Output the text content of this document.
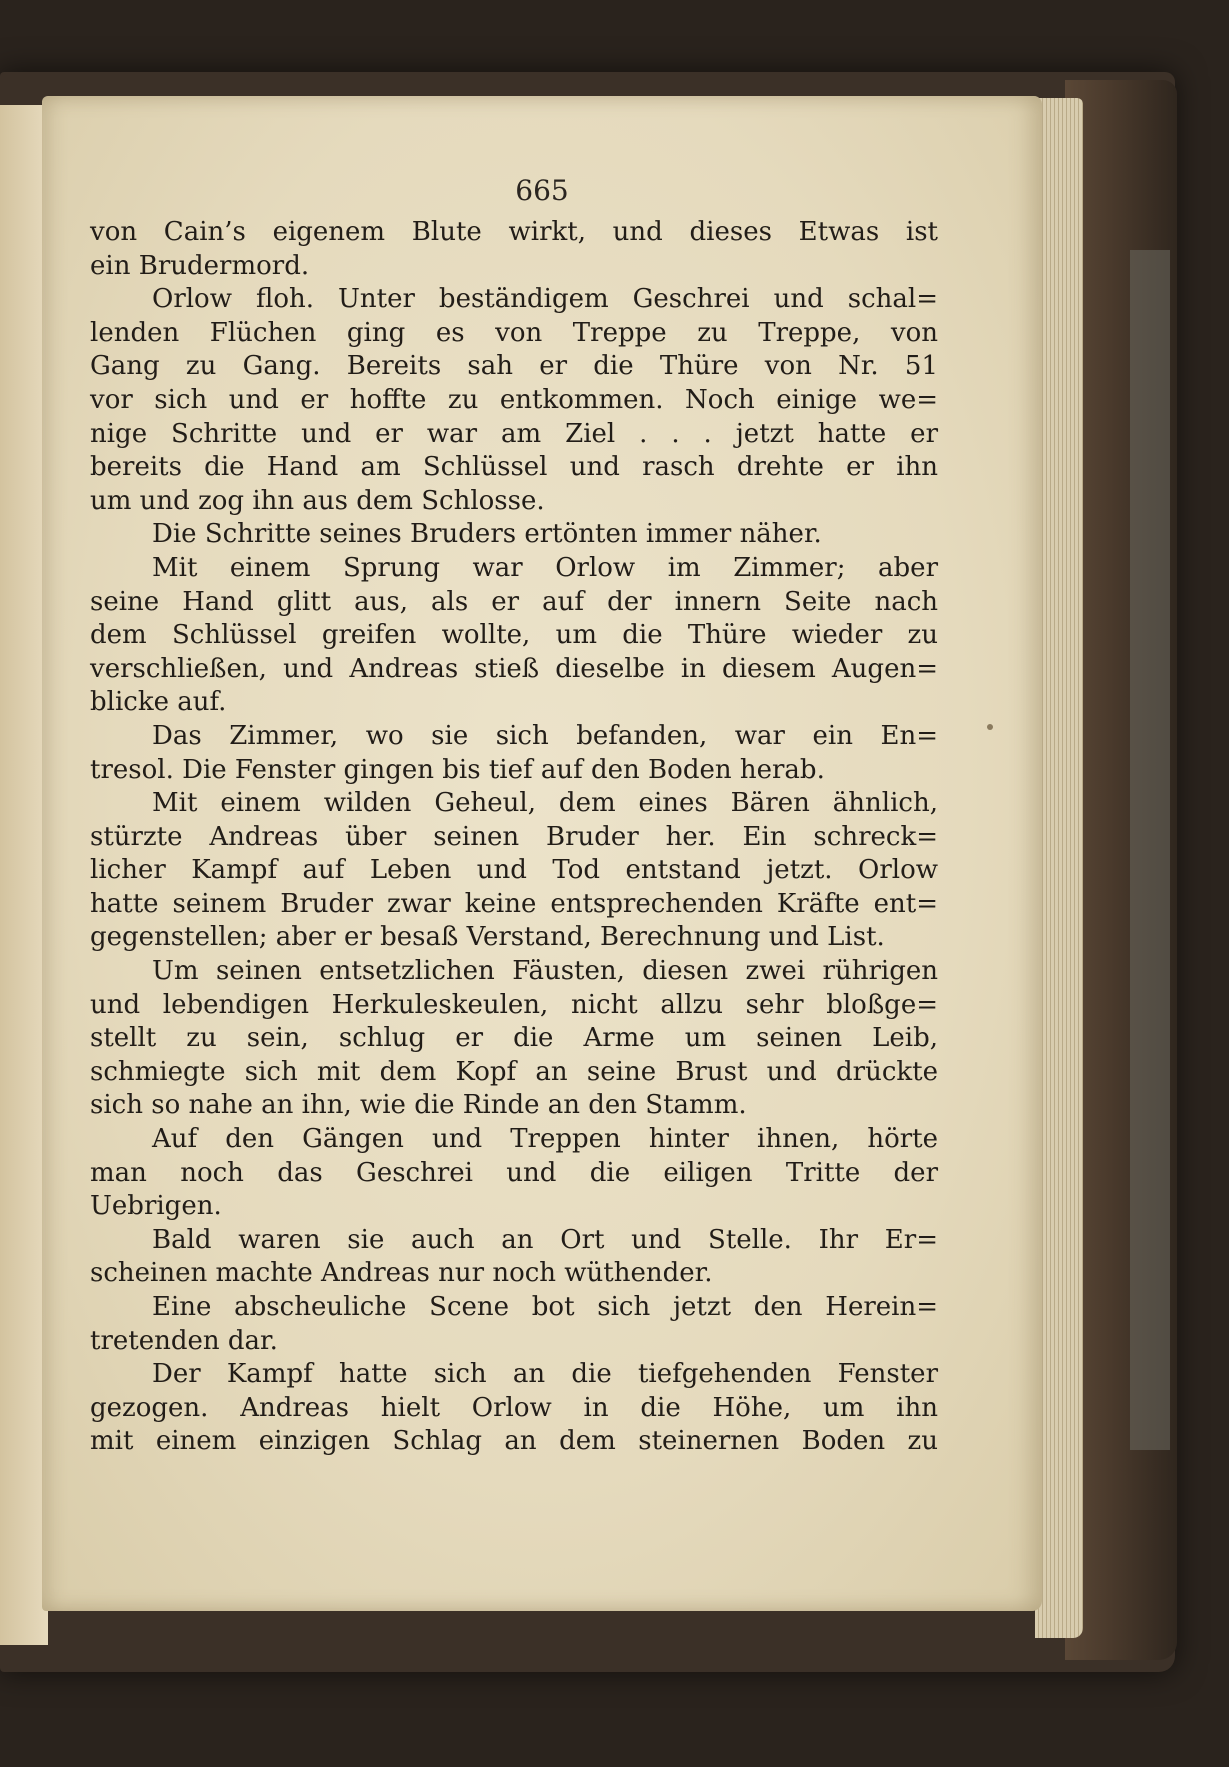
665
von Cain’s eigenem Blute wirkt, und dieses Etwas ist
ein Brudermord.
Orlow floh. Unter beständigem Geschrei und schal=
lenden Flüchen ging es von Treppe zu Treppe, von
Gang zu Gang. Bereits sah er die Thüre von Nr. 51
vor sich und er hoffte zu entkommen. Noch einige we=
nige Schritte und er war am Ziel . . . jetzt hatte er
bereits die Hand am Schlüssel und rasch drehte er ihn
um und zog ihn aus dem Schlosse.
Die Schritte seines Bruders ertönten immer näher.
Mit einem Sprung war Orlow im Zimmer; aber
seine Hand glitt aus, als er auf der innern Seite nach
dem Schlüssel greifen wollte, um die Thüre wieder zu
verschließen, und Andreas stieß dieselbe in diesem Augen=
blicke auf.
Das Zimmer, wo sie sich befanden, war ein En=
tresol. Die Fenster gingen bis tief auf den Boden herab.
Mit einem wilden Geheul, dem eines Bären ähnlich,
stürzte Andreas über seinen Bruder her. Ein schreck=
licher Kampf auf Leben und Tod entstand jetzt. Orlow
hatte seinem Bruder zwar keine entsprechenden Kräfte ent=
gegenstellen; aber er besaß Verstand, Berechnung und List.
Um seinen entsetzlichen Fäusten, diesen zwei rührigen
und lebendigen Herkuleskeulen, nicht allzu sehr bloßge=
stellt zu sein, schlug er die Arme um seinen Leib,
schmiegte sich mit dem Kopf an seine Brust und drückte
sich so nahe an ihn, wie die Rinde an den Stamm.
Auf den Gängen und Treppen hinter ihnen, hörte
man noch das Geschrei und die eiligen Tritte der
Uebrigen.
Bald waren sie auch an Ort und Stelle. Ihr Er=
scheinen machte Andreas nur noch wüthender.
Eine abscheuliche Scene bot sich jetzt den Herein=
tretenden dar.
Der Kampf hatte sich an die tiefgehenden Fenster
gezogen. Andreas hielt Orlow in die Höhe, um ihn
mit einem einzigen Schlag an dem steinernen Boden zu
